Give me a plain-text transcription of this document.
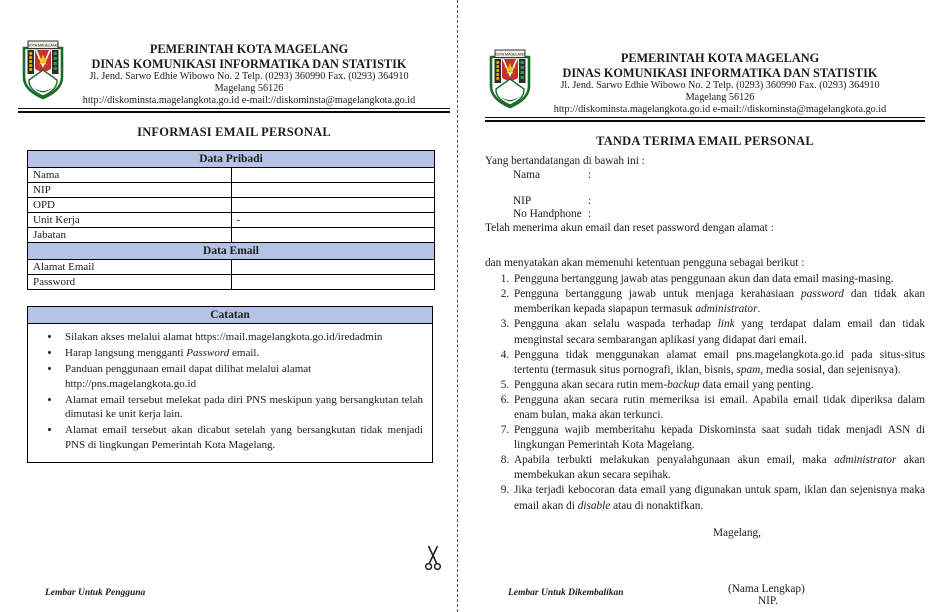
KOTA MAGELANG	PEMERINTAH KOTA MAGELANG
DINAS KOMUNIKASI INFORMATIKA DAN STATISTIK
Jl. Jend. Sarwo Edhie Wibowo No. 2 Telp. (0293) 360990 Fax. (0293) 364910
Magelang 56126
http://diskominsta.magelangkota.go.id e-mail://diskominsta@magelangkota.go.id
INFORMASI EMAIL PERSONAL
Data Pribadi	
Nama	
NIP	
OPD	
Unit Kerja	-
Jabatan	
Data Email	
Alamat Email	
Password	
Catatan
• Silakan akses melalui alamat https://mail.magelangkota.go.id/iredadmin
• Harap langsung mengganti Password email.
• Panduan penggunaan email dapat dilihat melalui alamat
http://pns.magelangkota.go.id
• Alamat email tersebut melekat pada diri PNS meskipun yang bersangkutan telah dimutasi ke unit kerja lain.
• Alamat email tersebut akan dicabut setelah yang bersangkutan tidak menjadi PNS di lingkungan Pemerintah Kota Magelang.
KOTA MAGELANG	PEMERINTAH KOTA MAGELANG
DINAS KOMUNIKASI INFORMATIKA DAN STATISTIK
Jl. Jend. Sarwo Edhie Wibowo No. 2 Telp. (0293) 360990 Fax. (0293) 364910
Magelang 56126
http://diskominsta.magelangkota.go.id e-mail://diskominsta@magelangkota.go.id
TANDA TERIMA EMAIL PERSONAL

Yang bertandatangan di bawah ini :

Nama	:
NIP	:
No Handphone :

Telah menerima akun email dan reset password dengan alamat :

dan menyatakan akan memenuhi ketentuan pengguna sebagai berikut :

1. Pengguna bertanggung jawab atas penggunaan akun dan data email masing-masing.
2. Pengguna bertanggung jawab untuk menjaga kerahasiaan password dan tidak akan memberikan kepada siapapun termasuk administrator.
3. Pengguna akan selalu waspada terhadap link yang terdapat dalam email dan tidak menginstal secara sembarangan aplikasi yang didapat dari email.
4. Pengguna tidak menggunakan alamat email pns.magelangkota.go.id pada situs-situs tertentu (termasuk situs pornografi, iklan, bisnis, spam, media sosial, dan sejenisnya).
5. Pengguna akan secara rutin mem-backup data email yang penting.
6. Pengguna akan secara rutin memeriksa isi email. Apabila email tidak diperiksa dalam enam bulan, maka akan terkunci.
7. Pengguna wajib memberitahu kepada Diskominsta saat sudah tidak menjadi ASN di lingkungan Pemerintah Kota Magelang.
8. Apabila terbukti melakukan penyalahgunaan akun email, maka administrator akan membekukan akun secara sepihak.
9. Jika terjadi kebocoran data email yang digunakan untuk spam, iklan dan sejenisnya maka email akan di disable atau di nonaktifkan.
Magelang,
(Nama Lengkap)
NIP.
Lembar Untuk Pengguna	Lembar Untuk Dikembalikan
